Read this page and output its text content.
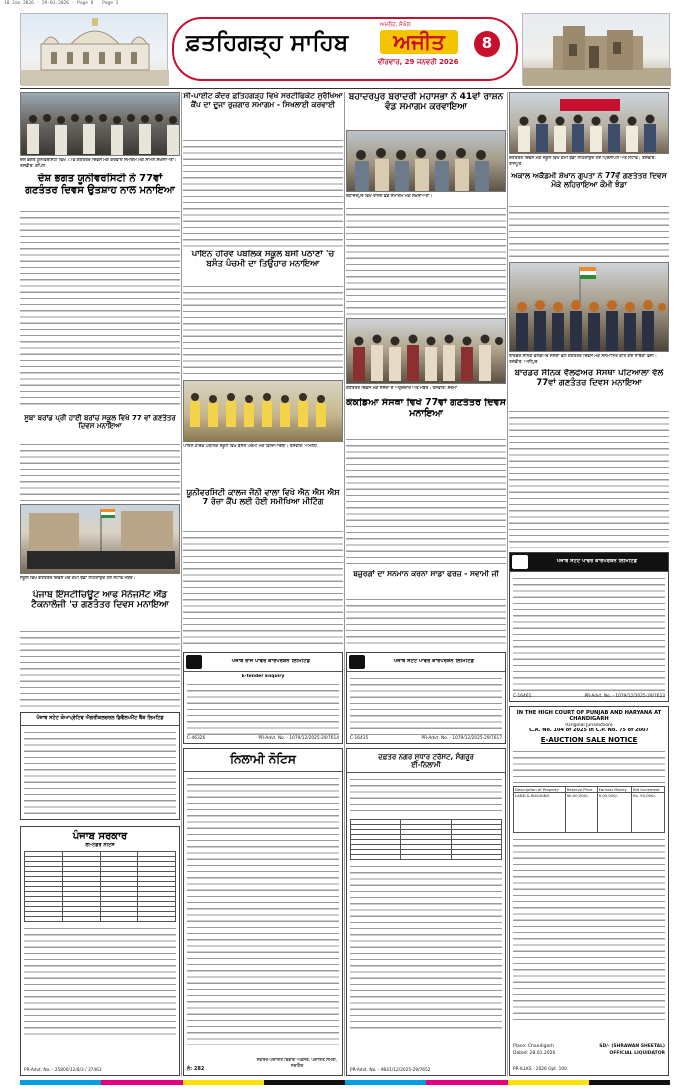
18 Jan 2026 - 29-01-2026 - Page 8 Page 1
ਫ਼ਤਹਿਗੜ੍ਹ ਸਾਹਿਬ
ਅਮਲੋਹ, ਸੰਘੋਲ
ਅਜੀਤ
ਵੀਰਵਾਰ, 29 ਜਨਵਰੀ 2026
8
ਦੇਸ਼ ਭਗਤ ਯੂਨੀਵਰਸਿਟੀ ਵਿਖੇ 77ਵੇਂ ਗਣਤੰਤਰ ਦਿਵਸ ਮੌਕੇ ਕਰਵਾਏ ਸਮਾਗਮ ਮੌਕੇ ਸ਼ਾਮਲ ਸ਼ਖ਼ਸੀਅਤਾਂ। ਤਸਵੀਰ: ਕਪਿਲ
ਦੇਸ਼ ਭਗਤ ਯੂਨੀਵਰਸਿਟੀ ਨੇ 77ਵਾਂ ਗਣਤੰਤਰ ਦਿਵਸ ਉਤਸ਼ਾਹ ਨਾਲ ਮਨਾਇਆ
ਸੂਬਾ ਬਰਾਂਡ ਪ੍ਰੀ ਹਾਈ ਬਰਾਂਚ ਸਕੂਲ ਵਿਖੇ 77 ਵਾਂ ਗਣਤੰਤਰ ਦਿਵਸ ਮਨਾਇਆ
ਸਕੂਲ ਵਿਖੇ ਗਣਤੰਤਰ ਦਿਵਸ ਮੌਕੇ ਕੌਮੀ ਝੰਡਾ ਲਹਿਰਾਉਂਦੇ ਹੋਏ ਸਟਾਫ ਮੈਂਬਰ।
ਪੰਜਾਬ ਇੰਸਟੀਚਿਊਟ ਆਫ ਮੈਨੇਜਮੈਂਟ ਐਂਡ ਟੈਕਨਾਲੋਜੀ 'ਚ ਗਣਤੰਤਰ ਦਿਵਸ ਮਨਾਇਆ
ਪੰਜਾਬ ਸਟੇਟ ਕੋਆਪ੍ਰੇਟਿਵ ਐਗਰੀਕਲਚਰਲ ਡਿਵੈਲਪਮੈਂਟ ਬੈਂਕ ਲਿਮਟਿਡ
ਪੰਜਾਬ ਸਰਕਾਰ
ਈ-ਟੈਂਡਰ ਨੋਟਿਸ

PR-Advt. No. - 25800/12/8/3 / 37463
ਸੀ-ਪਾਈਟ ਕੇਂਦਰ ਫ਼ਤਿਹਗੜ੍ਹ ਵਿਖੇ ਸਰਟੀਫਿਕੇਟ ਸੁਰੱਖਿਆ ਕੈਂਪ ਦਾ ਦੂਜਾ ਰੁਜ਼ਗਾਰ ਸਮਾਗਮ - ਸਿਖਲਾਈ ਕਰਵਾਈ
ਪਾਇਨ ਹਰਿਵ ਪਬਲਿਕ ਸਕੂਲ ਬਸੀ ਪਠਾਣਾਂ 'ਚ ਬਸੰਤ ਪੰਚਮੀ ਦਾ ਤਿਉਹਾਰ ਮਨਾਇਆ
ਪਾਇਨ ਹਰਿਵ ਪਬਲਿਕ ਸਕੂਲ ਵਿਖੇ ਬਸੰਤ ਪੰਚਮੀ ਮੌਕੇ ਵਿਦਿਆਰਥੀ। ਤਸਵੀਰ: ਅਮਲੋਹ
ਯੂਨੀਵਰਸਿਟੀ ਕਾਲਜ ਜੌਨੀ ਵਾਲਾ ਵਿਖੇ ਐਨ ਐਸ ਐਸ 7 ਰੋਜ਼ਾ ਕੈਂਪ ਲਈ ਹੋਈ ਸਮੀਖਿਆ ਮੀਟਿੰਗ
ਪੰਜਾਬ ਰਾਜ ਪਾਵਰ ਕਾਰਪੋਰੇਸ਼ਨ ਲਿਮਿਟਿਡ
E-tender Enquiry
C-46326	PR-Advt. No. - 1079/12/2025-29/7614
ਬਹਾਦਰਪੁਰ ਬਰਾਦਰੀ ਮਹਾਸਭਾ ਨੇ 41ਵਾਂ ਰਾਸ਼ਨ ਵੰਡ ਸਮਾਗਮ ਕਰਵਾਇਆ
ਬਹਾਦਰਪੁਰ ਵਿਖੇ ਰਾਸ਼ਨ ਵੰਡ ਸਮਾਗਮ ਮੌਕੇ ਸ਼ਖ਼ਸੀਅਤਾਂ।
ਗਣਤੰਤਰ ਦਿਵਸ ਮੌਕੇ ਸੰਸਥਾ ਦੇ ਅਹੁਦੇਦਾਰ ਅਤੇ ਮੈਂਬਰ। ਤਸਵੀਰ: ਸ਼ਰਮਾ
ਕੋਕਡਿਆ ਸੰਸਥਾ ਵਿਖੇ 77ਵਾਂ ਗਣਤੰਤਰ ਦਿਵਸ ਮਨਾਇਆ
ਬਜ਼ੁਰਗਾਂ ਦਾ ਸਨਮਾਨ ਕਰਨਾ ਸਾਡਾ ਫਰਜ਼ - ਸਵਾਮੀ ਜੀ
ਪੰਜਾਬ ਸਟੇਟ ਪਾਵਰ ਕਾਰਪੋਰੇਸ਼ਨ ਲਿਮਿਟਿਡ
C-16415	PR-Advt. No. - 1079/12/2025-29/7617
ਨਿਲਾਮੀ ਨੋਟਿਸ
ਨੰ: 282
ਸਕੱਤਰ-ਪੰਚਾਇਤ ਵਿਭਾਗ ਅਫ਼ਸਰ, ਪੰਚਾਇਤ ਸੰਮਤੀ, ਸਰਹਿੰਦ
ਦਫ਼ਤਰ ਨਗਰ ਸੁਧਾਰ ਟਰੱਸਟ, ਸੰਗਰੂਰ
ਈ-ਨਿਲਾਮੀ

PR-Advt. No. - 9641/12/2025-29/7652
ਗਣਤੰਤਰ ਦਿਵਸ ਮੌਕੇ ਸਕੂਲ ਵਿਖੇ ਕੌਮੀ ਝੰਡਾ ਲਹਿਰਾਉਂਦੇ ਹੋਏ ਪ੍ਰਿੰਸੀਪਲ ਅਤੇ ਸਟਾਫ। ਤਸਵੀਰ: ਰਾਜਪੂਤ
ਅਕਾਲ ਅਕੈਡਮੀ ਸ਼ੇਖਾਨ ਗੁਪਤਾ ਨੇ 77ਵੇਂ ਗਣਤੰਤਰ ਦਿਵਸ ਮੌਕੇ ਲਹਿਰਾਇਆ ਕੌਮੀ ਝੰਡਾ
ਬਾਰਡਰ ਸੈਨਿਕ ਵੈੱਲਫੇਅਰ ਸੰਸਥਾ ਵੱਲੋਂ ਗਣਤੰਤਰ ਦਿਵਸ ਮੌਕੇ ਸਨਮਾਨਿਤ ਕੀਤੇ ਗਏ ਸਾਬਕਾ ਫ਼ੌਜੀ। ਤਸਵੀਰ: ਅਲੀਪੁਰ
ਬਾਰਡਰ ਸੈਨਿਕ ਵੈੱਲਫੇਅਰ ਸੰਸਥਾ ਪਟਿਆਲਾ ਵੱਲੋਂ 77ਵਾਂ ਗਣਤੰਤਰ ਦਿਵਸ ਮਨਾਇਆ
ਪੰਜਾਬ ਸਟੇਟ ਪਾਵਰ ਕਾਰਪੋਰੇਸ਼ਨ ਲਿਮਿਟਿਡ
C-16465	PR-Advt. No. - 1079/12/2025-29/7623
IN THE HIGH COURT OF PUNJAB AND HARYANA AT CHANDIGARH
(Original Jurisdiction)
C.A. No. 104 of 2025 in C.P. No. 75 of 2007
E-AUCTION SALE NOTICE
Description of Property	Reserve Price	Earnest Money	Bid Increment
LAND & BUILDING	90,00,000/-	9,00,000/-	Rs. 50,000/-
Place: Chandigarh
Dated: 28.01.2026
SD/- (SHRAWAN SHEETAL)
OFFICIAL LIQUIDATOR
PR-ILLKS - 2026 Opt. 100
